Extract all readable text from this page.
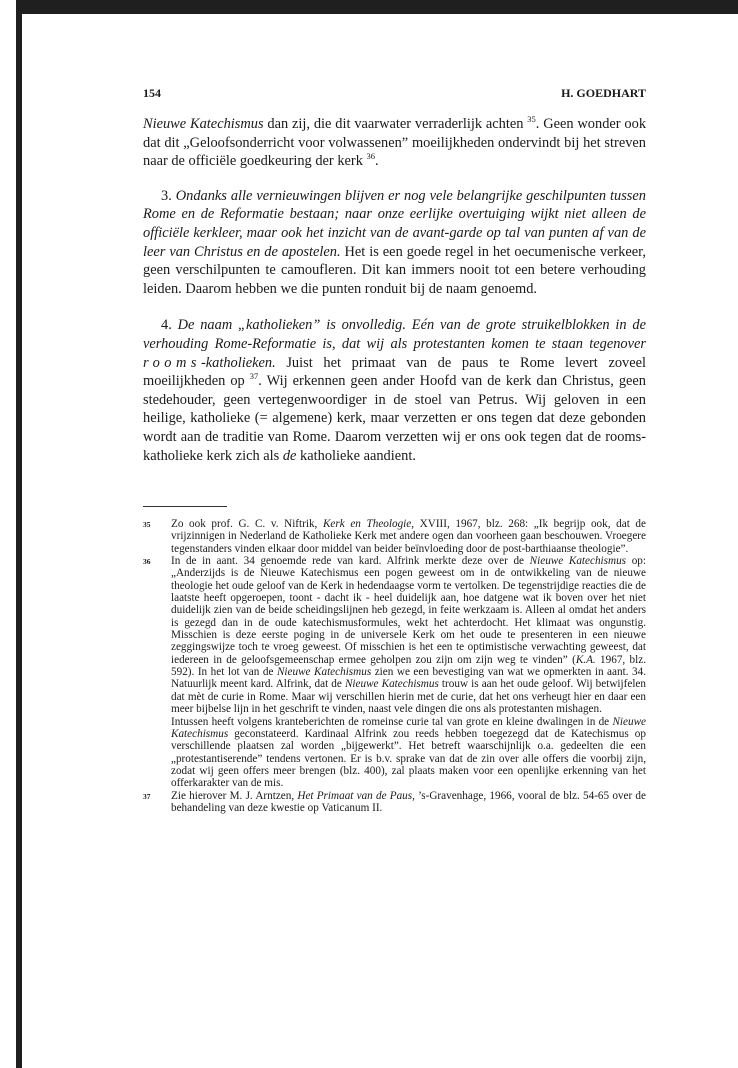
154	H. GOEDHART

Nieuwe Katechismus dan zij, die dit vaarwater verraderlijk achten $^{35}$. Geen wonder ook dat dit „Geloofsonderricht voor volwassenen” moeilijkheden ondervindt bij het streven naar de officiële goedkeuring der kerk $^{36}$.

3. Ondanks alle vernieuwingen blijven er nog vele belangrijke geschilpunten tussen Rome en de Reformatie bestaan; naar onze eerlijke overtuiging wijkt niet alleen de officiële kerkleer, maar ook het inzicht van de avant-garde op tal van punten af van de leer van Christus en de apostelen. Het is een goede regel in het oecumenische verkeer, geen verschilpunten te camoufleren. Dit kan immers nooit tot een betere verhouding leiden. Daarom hebben we die punten ronduit bij de naam genoemd.

4. De naam „katholieken” is onvolledig. Eén van de grote struikelblokken in de verhouding Rome-Reformatie is, dat wij als protestanten komen te staan tegenover rooms-katholieken. Juist het primaat van de paus te Rome levert zoveel moeilijkheden op $^{37}$. Wij erkennen geen ander Hoofd van de kerk dan Christus, geen stedehouder, geen vertegenwoordiger in de stoel van Petrus. Wij geloven in een heilige, katholieke (= algemene) kerk, maar verzetten er ons tegen dat deze gebonden wordt aan de traditie van Rome. Daarom verzetten wij er ons ook tegen dat de rooms-katholieke kerk zich als de katholieke aandient.

35 Zo ook prof. G. C. v. Niftrik, Kerk en Theologie, XVIII, 1967, blz. 268: „Ik begrijp ook, dat de vrijzinnigen in Nederland de Katholieke Kerk met andere ogen dan voorheen gaan beschouwen. Vroegere tegenstanders vinden elkaar door middel van beider beïnvloeding door de post-barthiaanse theologie”.

36 In de in aant. 34 genoemde rede van kard. Alfrink merkte deze over de Nieuwe Katechismus op: „Anderzijds is de Nieuwe Katechismus een pogen geweest om in de ontwikkeling van de nieuwe theologie het oude geloof van de Kerk in hedendaagse vorm te vertolken. De tegenstrijdige reacties die de laatste heeft opgeroepen, toont - dacht ik - heel duidelijk aan, hoe datgene wat ik boven over het niet duidelijk zien van de beide scheidingslijnen heb gezegd, in feite werkzaam is. Alleen al omdat het anders is gezegd dan in de oude katechismusformules, wekt het achterdocht. Het klimaat was ongunstig. Misschien is deze eerste poging in de universele Kerk om het oude te presenteren in een nieuwe zeggingswijze toch te vroeg geweest. Of misschien is het een te optimistische verwachting geweest, dat iedereen in de geloofsgemeenschap ermee geholpen zou zijn om zijn weg te vinden” (K.A. 1967, blz. 592). In het lot van de Nieuwe Katechismus zien we een bevestiging van wat we opmerkten in aant. 34. Natuurlijk meent kard. Alfrink, dat de Nieuwe Katechismus trouw is aan het oude geloof. Wij betwijfelen dat mèt de curie in Rome. Maar wij verschillen hierin met de curie, dat het ons verheugt hier en daar een meer bijbelse lijn in het geschrift te vinden, naast vele dingen die ons als protestanten mishagen.

Intussen heeft volgens kranteberichten de romeinse curie tal van grote en kleine dwalingen in de Nieuwe Katechismus geconstateerd. Kardinaal Alfrink zou reeds hebben toegezegd dat de Katechismus op verschillende plaatsen zal worden „bijgewerkt”. Het betreft waarschijnlijk o.a. gedeelten die een „protestantiserende” tendens vertonen. Er is b.v. sprake van dat de zin over alle offers die voorbij zijn, zodat wij geen offers meer brengen (blz. 400), zal plaats maken voor een openlijke erkenning van het offerkarakter van de mis.

37 Zie hierover M. J. Arntzen, Het Primaat van de Paus, ’s-Gravenhage, 1966, vooral de blz. 54-65 over de behandeling van deze kwestie op Vaticanum II.
